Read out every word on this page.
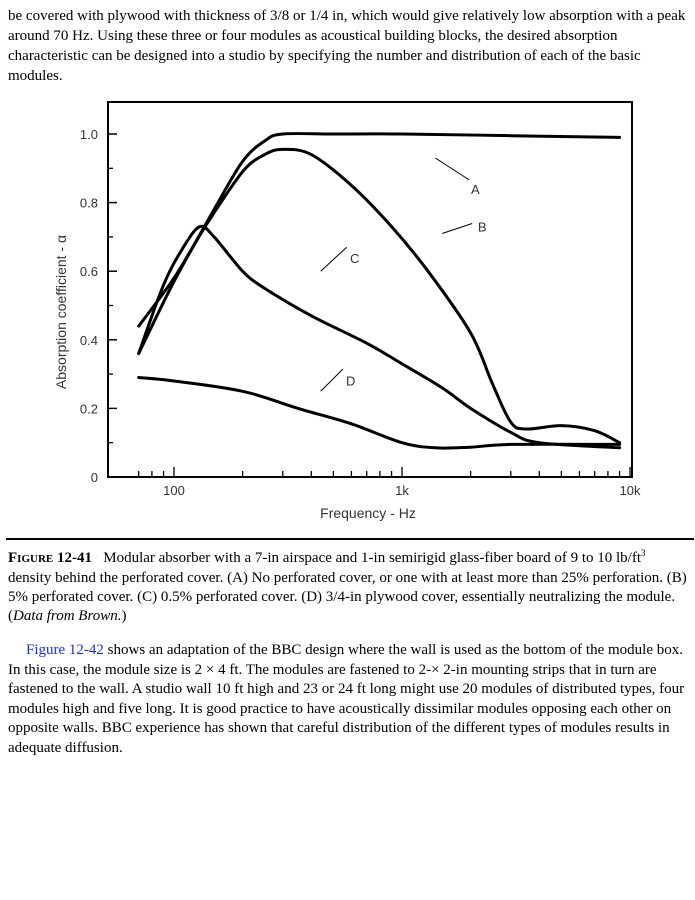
be covered with plywood with thickness of 3/8 or 1/4 in, which would give relatively low absorption with a peak around 70 Hz. Using these three or four modules as acoustical building blocks, the desired absorption characteristic can be designed into a studio by specifying the number and distribution of each of the basic modules.

0
0.2
0.4
0.6
0.8
1.0
100	1k	10k
Frequency - Hz
Absorption coefficient - α
A
B
C
D

FIGURE 12-41 Modular absorber with a 7-in airspace and 1-in semirigid glass-fiber board of 9 to 10 $lb/ft^3$ density behind the perforated cover. (A) No perforated cover, or one with at least more than 25% perforation. (B) 5% perforated cover. (C) 0.5% perforated cover. (D) 3/4-in plywood cover, essentially neutralizing the module. (Data from Brown.)

Figure 12-42 shows an adaptation of the BBC design where the wall is used as the bottom of the module box. In this case, the module size is 2 × 4 ft. The modules are fastened to 2-× 2-in mounting strips that in turn are fastened to the wall. A studio wall 10 ft high and 23 or 24 ft long might use 20 modules of distributed types, four modules high and five long. It is good practice to have acoustically dissimilar modules opposing each other on opposite walls. BBC experience has shown that careful distribution of the different types of modules results in adequate diffusion.
